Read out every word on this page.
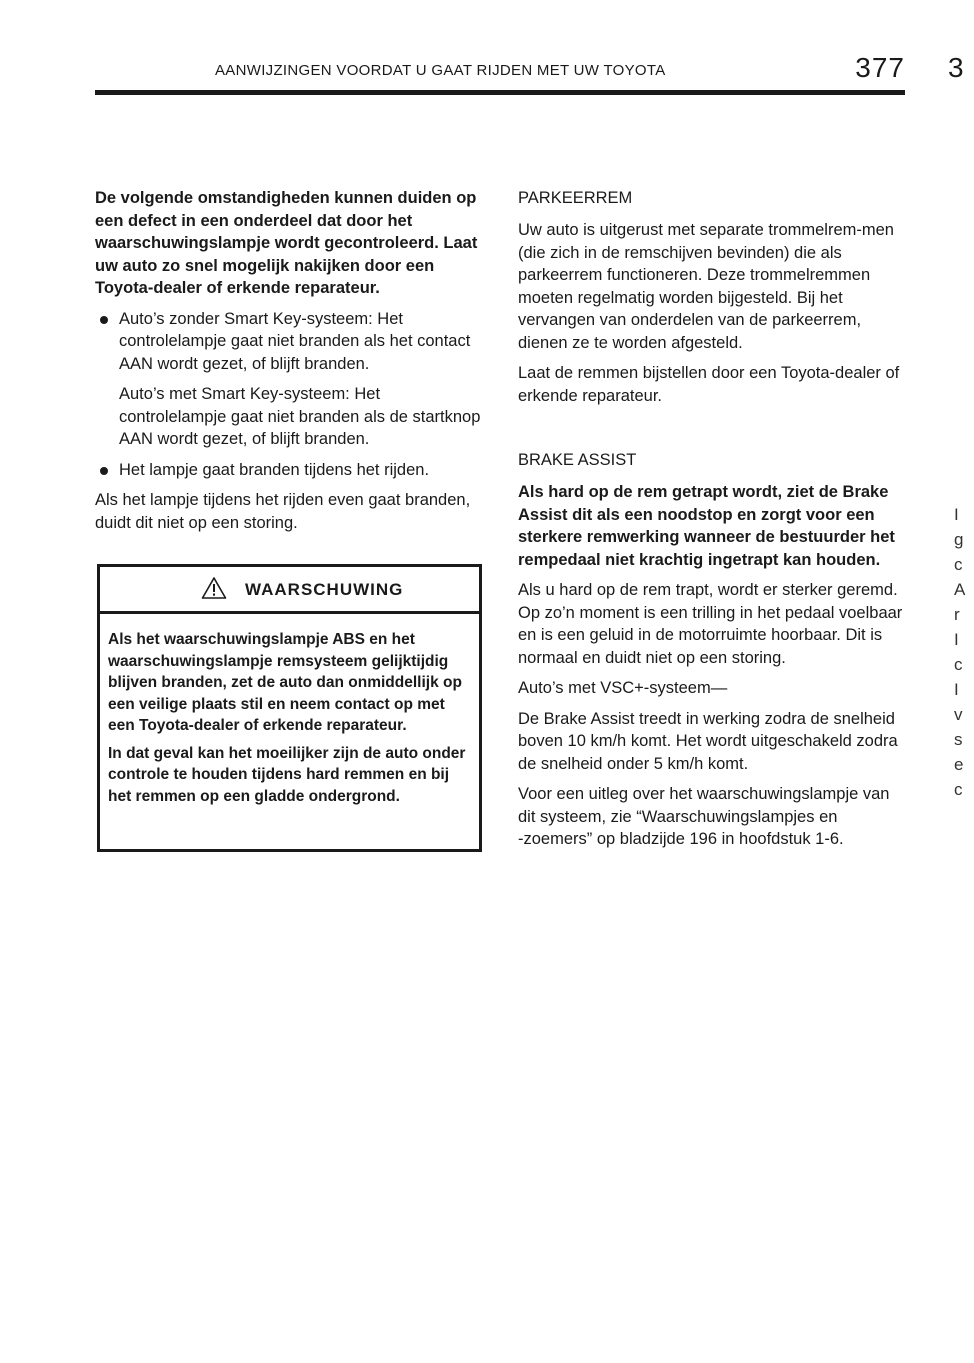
AANWIJZINGEN VOORDAT U GAAT RIJDEN MET UW TOYOTA	377 3

De volgende omstandigheden kunnen duiden op een defect in een onderdeel dat door het waarschuwingslampje wordt gecontroleerd. Laat uw auto zo snel mogelijk nakijken door een Toyota‑dealer of erkende reparateur.

Auto’s zonder Smart Key‑systeem: Het controlelampje gaat niet branden als het contact AAN wordt gezet, of blijft branden.

Auto’s met Smart Key‑systeem: Het controlelampje gaat niet branden als de startknop AAN wordt gezet, of blijft branden.

Het lampje gaat branden tijdens het rijden.

Als het lampje tijdens het rijden even gaat branden, duidt dit niet op een storing.

WAARSCHUWING

Als het waarschuwingslampje ABS en het waarschuwingslampje remsysteem gelijktijdig blijven branden, zet de auto dan onmiddellijk op een veilige plaats stil en neem contact op met een Toyota‑dealer of erkende reparateur.

In dat geval kan het moeilijker zijn de auto onder controle te houden tijdens hard remmen en bij het remmen op een gladde ondergrond.

PARKEERREM

Uw auto is uitgerust met separate trommelrem-men (die zich in de remschijven bevinden) die als parkeerrem functioneren. Deze trommelremmen moeten regelmatig worden bijgesteld. Bij het vervangen van onderdelen van de parkeerrem, dienen ze te worden afgesteld.

Laat de remmen bijstellen door een Toyota‑dealer of erkende reparateur.

BRAKE ASSIST

Als hard op de rem getrapt wordt, ziet de Brake Assist dit als een noodstop en zorgt voor een sterkere remwerking wanneer de bestuurder het rempedaal niet krachtig ingetrapt kan houden.

Als u hard op de rem trapt, wordt er sterker geremd. Op zo’n moment is een trilling in het pedaal voelbaar en is een geluid in de motorruimte hoorbaar. Dit is normaal en duidt niet op een storing.

Auto’s met VSC+‑systeem—

De Brake Assist treedt in werking zodra de snelheid boven 10 km/h komt. Het wordt uitgeschakeld zodra de snelheid onder 5 km/h komt.

Voor een uitleg over het waarschuwingslampje van dit systeem, zie “Waarschuwingslampjes en ‑zoemers” op bladzijde 196 in hoofdstuk 1‑6.

I
g
c
A
r
I
c
I
v
s
e
c
